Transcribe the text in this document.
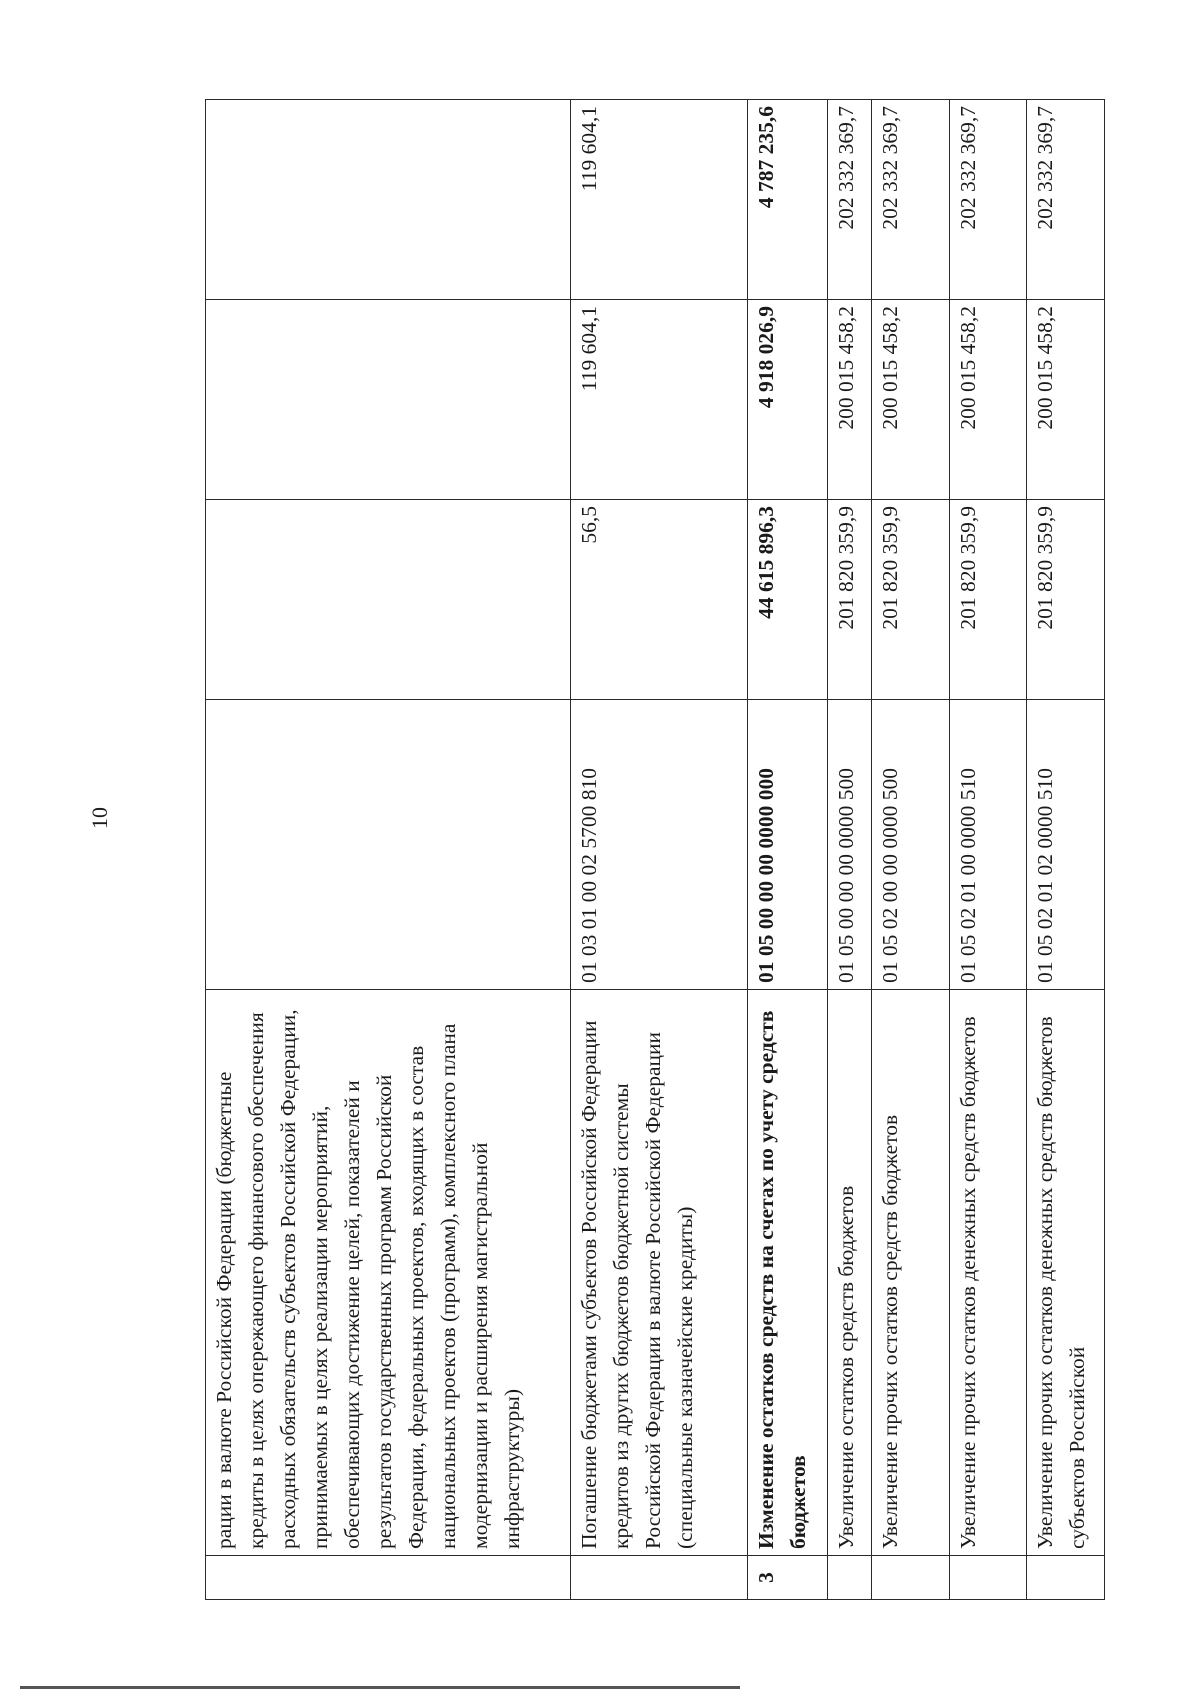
10
	рации в валюте Российской Федерации (бюджетные кредиты в целях опережающего финансового обеспечения расходных обязательств субъектов Российской Федерации, принимаемых в целях реализации мероприятий, обеспечивающих достижение целей, показателей и результатов государственных программ Российской Федерации, федеральных проектов, входящих в состав национальных проектов (программ), комплексного плана модернизации и расширения магистральной инфраструктуры)				
	Погашение бюджетами субъектов Российской Федерации кредитов из других бюджетов бюджетной системы Российской Федерации в валюте Российской Федерации (специальные казначейские кредиты)	01 03 01 00 02 5700 810	56,5	119 604,1	119 604,1
3	Изменение остатков средств на счетах по учету средств бюджетов	01 05 00 00 00 0000 000	44 615 896,3	4 918 026,9	4 787 235,6
	Увеличение остатков средств бюджетов	01 05 00 00 00 0000 500	201 820 359,9	200 015 458,2	202 332 369,7
	Увеличение прочих остатков средств бюджетов	01 05 02 00 00 0000 500	201 820 359,9	200 015 458,2	202 332 369,7
	Увеличение прочих остатков денежных средств бюджетов	01 05 02 01 00 0000 510	201 820 359,9	200 015 458,2	202 332 369,7
	Увеличение прочих остатков денежных средств бюджетов субъектов Российской	01 05 02 01 02 0000 510	201 820 359,9	200 015 458,2	202 332 369,7
